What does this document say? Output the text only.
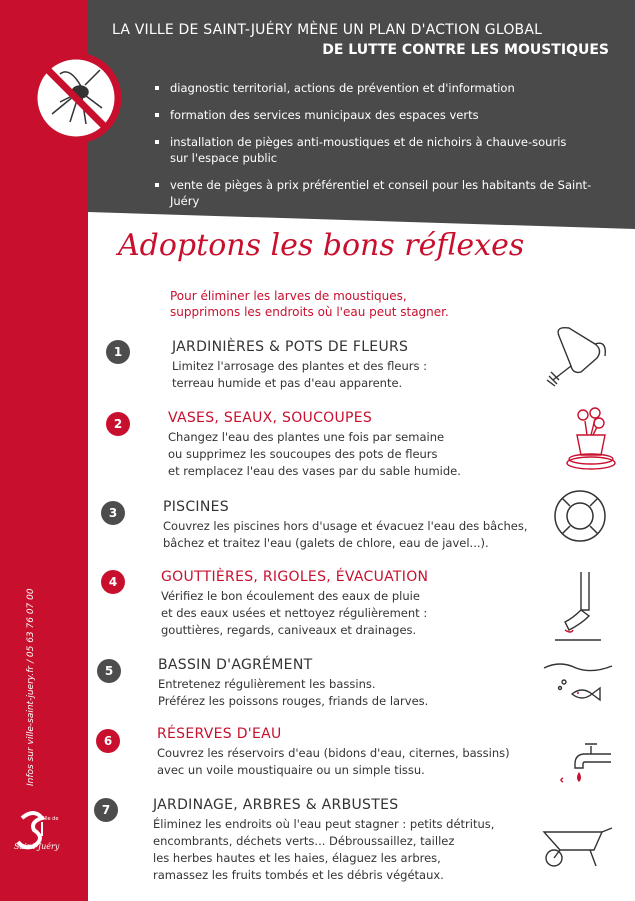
LA VILLE DE SAINT-JUÉRY MÈNE UN PLAN D'ACTION GLOBAL
DE LUTTE CONTRE LES MOUSTIQUES
diagnostic territorial, actions de prévention et d'information
formation des services municipaux des espaces verts
installation de pièges anti-moustiques et de nichoirs à chauve-souris
sur l'espace public
vente de pièges à prix préférentiel et conseil pour les habitants de Saint-Juéry
Adoptons les bons réflexes
Pour éliminer les larves de moustiques,
supprimons les endroits où l'eau peut stagner.
1	JARDINIÈRES & POTS DE FLEURS
Limitez l'arrosage des plantes et des fleurs :
terreau humide et pas d'eau apparente.
2	VASES, SEAUX, SOUCOUPES
Changez l'eau des plantes une fois par semaine
ou supprimez les soucoupes des pots de fleurs
et remplacez l'eau des vases par du sable humide.
3	PISCINES
Couvrez les piscines hors d'usage et évacuez l'eau des bâches,
bâchez et traitez l'eau (galets de chlore, eau de javel...).
4	GOUTTIÈRES, RIGOLES, ÉVACUATION
Vérifiez le bon écoulement des eaux de pluie
et des eaux usées et nettoyez régulièrement :
gouttières, regards, caniveaux et drainages.
5	BASSIN D'AGRÉMENT
Entretenez régulièrement les bassins.
Préférez les poissons rouges, friands de larves.
6	RÉSERVES D'EAU
Couvrez les réservoirs d'eau (bidons d'eau, citernes, bassins)
avec un voile moustiquaire ou un simple tissu.
7	JARDINAGE, ARBRES & ARBUSTES
Éliminez les endroits où l'eau peut stagner : petits détritus,
encombrants, déchets verts... Débroussaillez, taillez
les herbes hautes et les haies, élaguez les arbres,
ramassez les fruits tombés et les débris végétaux.
Infos sur ville-saint-juery.fr / 05 63 76 07 00
Ville de
Saint-Juéry
